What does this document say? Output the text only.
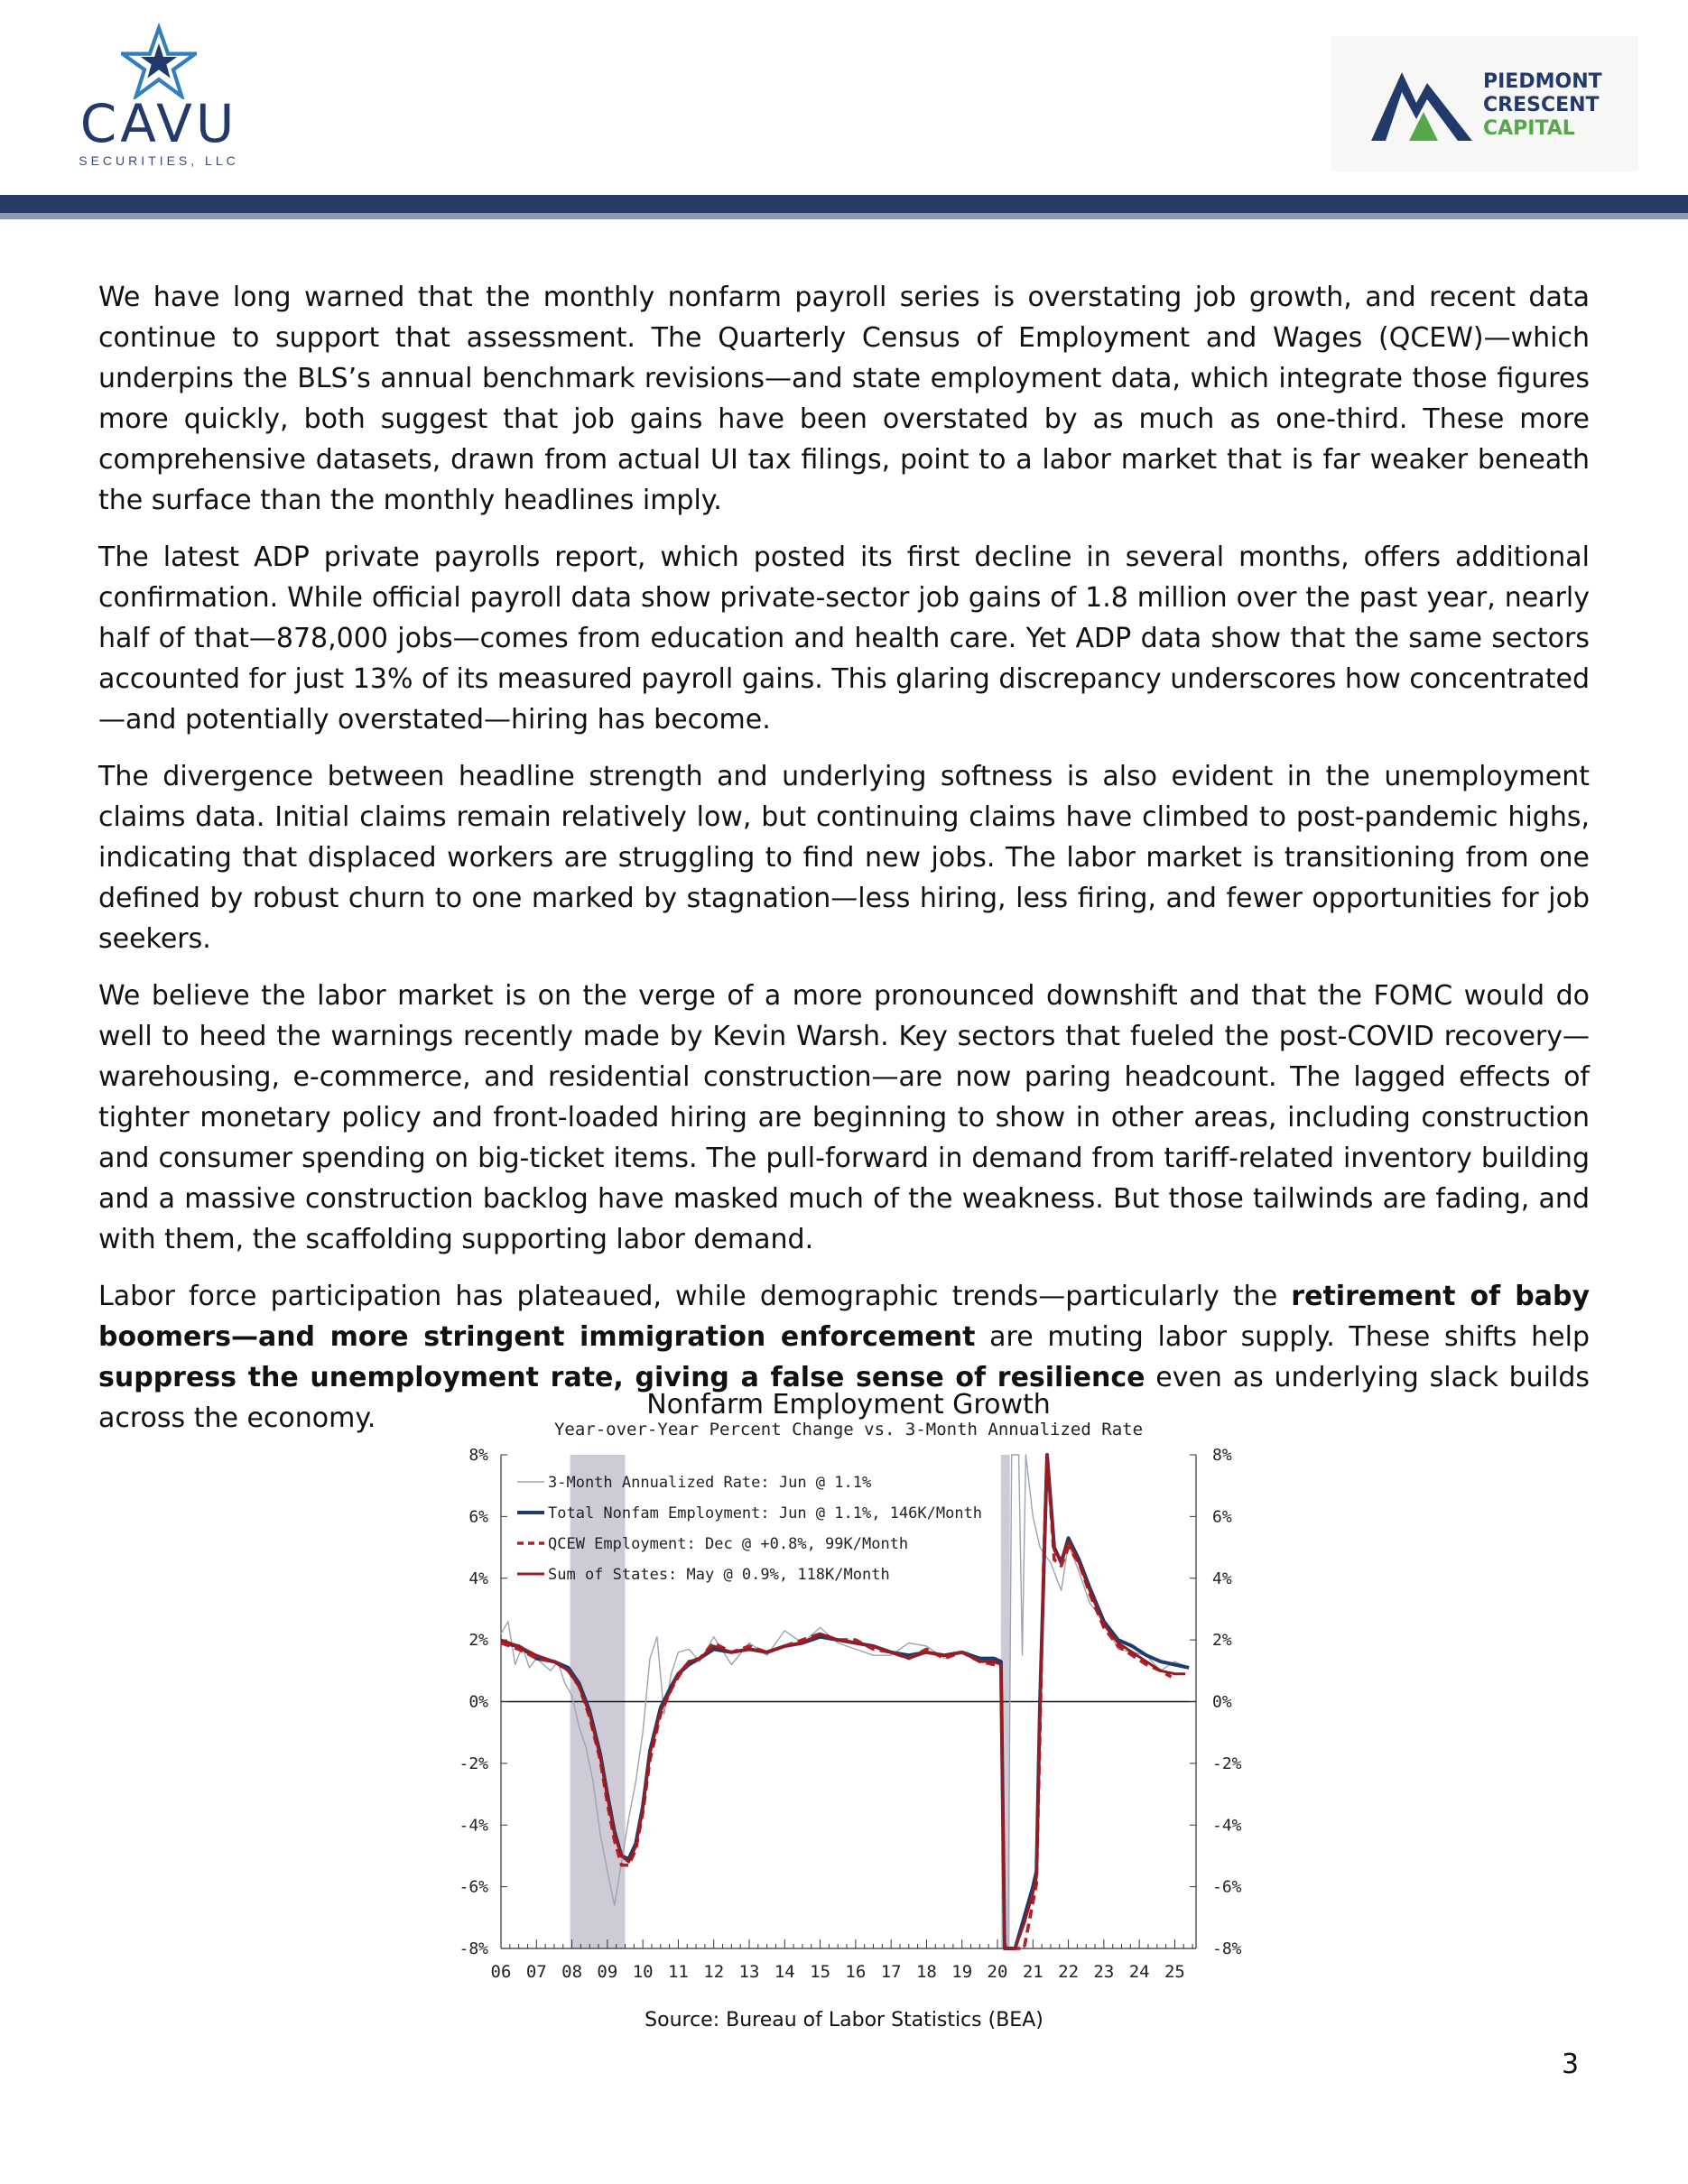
CAVU
SECURITIES, LLC
PIEDMONT
CRESCENT
CAPITAL

We have long warned that the monthly nonfarm payroll series is overstating job growth, and recent data continue to support that assessment. The Quarterly Census of Employment and Wages (QCEW)—which underpins the BLS’s annual benchmark revisions—and state employment data, which integrate those figures more quickly, both suggest that job gains have been overstated by as much as one-third. These more comprehensive datasets, drawn from actual UI tax filings, point to a labor market that is far weaker beneath the surface than the monthly headlines imply.

The latest ADP private payrolls report, which posted its first decline in several months, offers additional confirmation. While official payroll data show private-sector job gains of 1.8 million over the past year, nearly half of that—878,000 jobs—comes from education and health care. Yet ADP data show that the same sectors accounted for just 13% of its measured payroll gains. This glaring discrepancy underscores how concentrated—and potentially overstated—hiring has become.

The divergence between headline strength and underlying softness is also evident in the unemployment claims data. Initial claims remain relatively low, but continuing claims have climbed to post-pandemic highs, indicating that displaced workers are struggling to find new jobs. The labor market is transitioning from one defined by robust churn to one marked by stagnation—less hiring, less firing, and fewer opportunities for job seekers.

We believe the labor market is on the verge of a more pronounced downshift and that the FOMC would do well to heed the warnings recently made by Kevin Warsh. Key sectors that fueled the post-COVID recovery—warehousing, e-commerce, and residential construction—are now paring headcount. The lagged effects of tighter monetary policy and front-loaded hiring are beginning to show in other areas, including construction and consumer spending on big-ticket items. The pull-forward in demand from tariff-related inventory building and a massive construction backlog have masked much of the weakness. But those tailwinds are fading, and with them, the scaffolding supporting labor demand.

Labor force participation has plateaued, while demographic trends—particularly the retirement of baby boomers—and more stringent immigration enforcement are muting labor supply. These shifts help suppress the unemployment rate, giving a false sense of resilience even as underlying slack builds across the economy.	Nonfarm Employment Growth
Year-over-Year Percent Change vs. 3-Month Annualized Rate
8%	8%
6%	6%
4%	4%
2%	2%
0%	0%
-2%	-2%
-4%	-4%
-6%	-6%
-8%	-8%
06 07 08 09 10 11 12 13 14 15 16 17 18 19 20 21 22 23 24 25
3-Month Annualized Rate: Jun @ 1.1%
Total Nonfam Employment: Jun @ 1.1%, 146K/Month
QCEW Employment: Dec @ +0.8%, 99K/Month
Sum of States: May @ 0.9%, 118K/Month
Source: Bureau of Labor Statistics (BEA)
3
